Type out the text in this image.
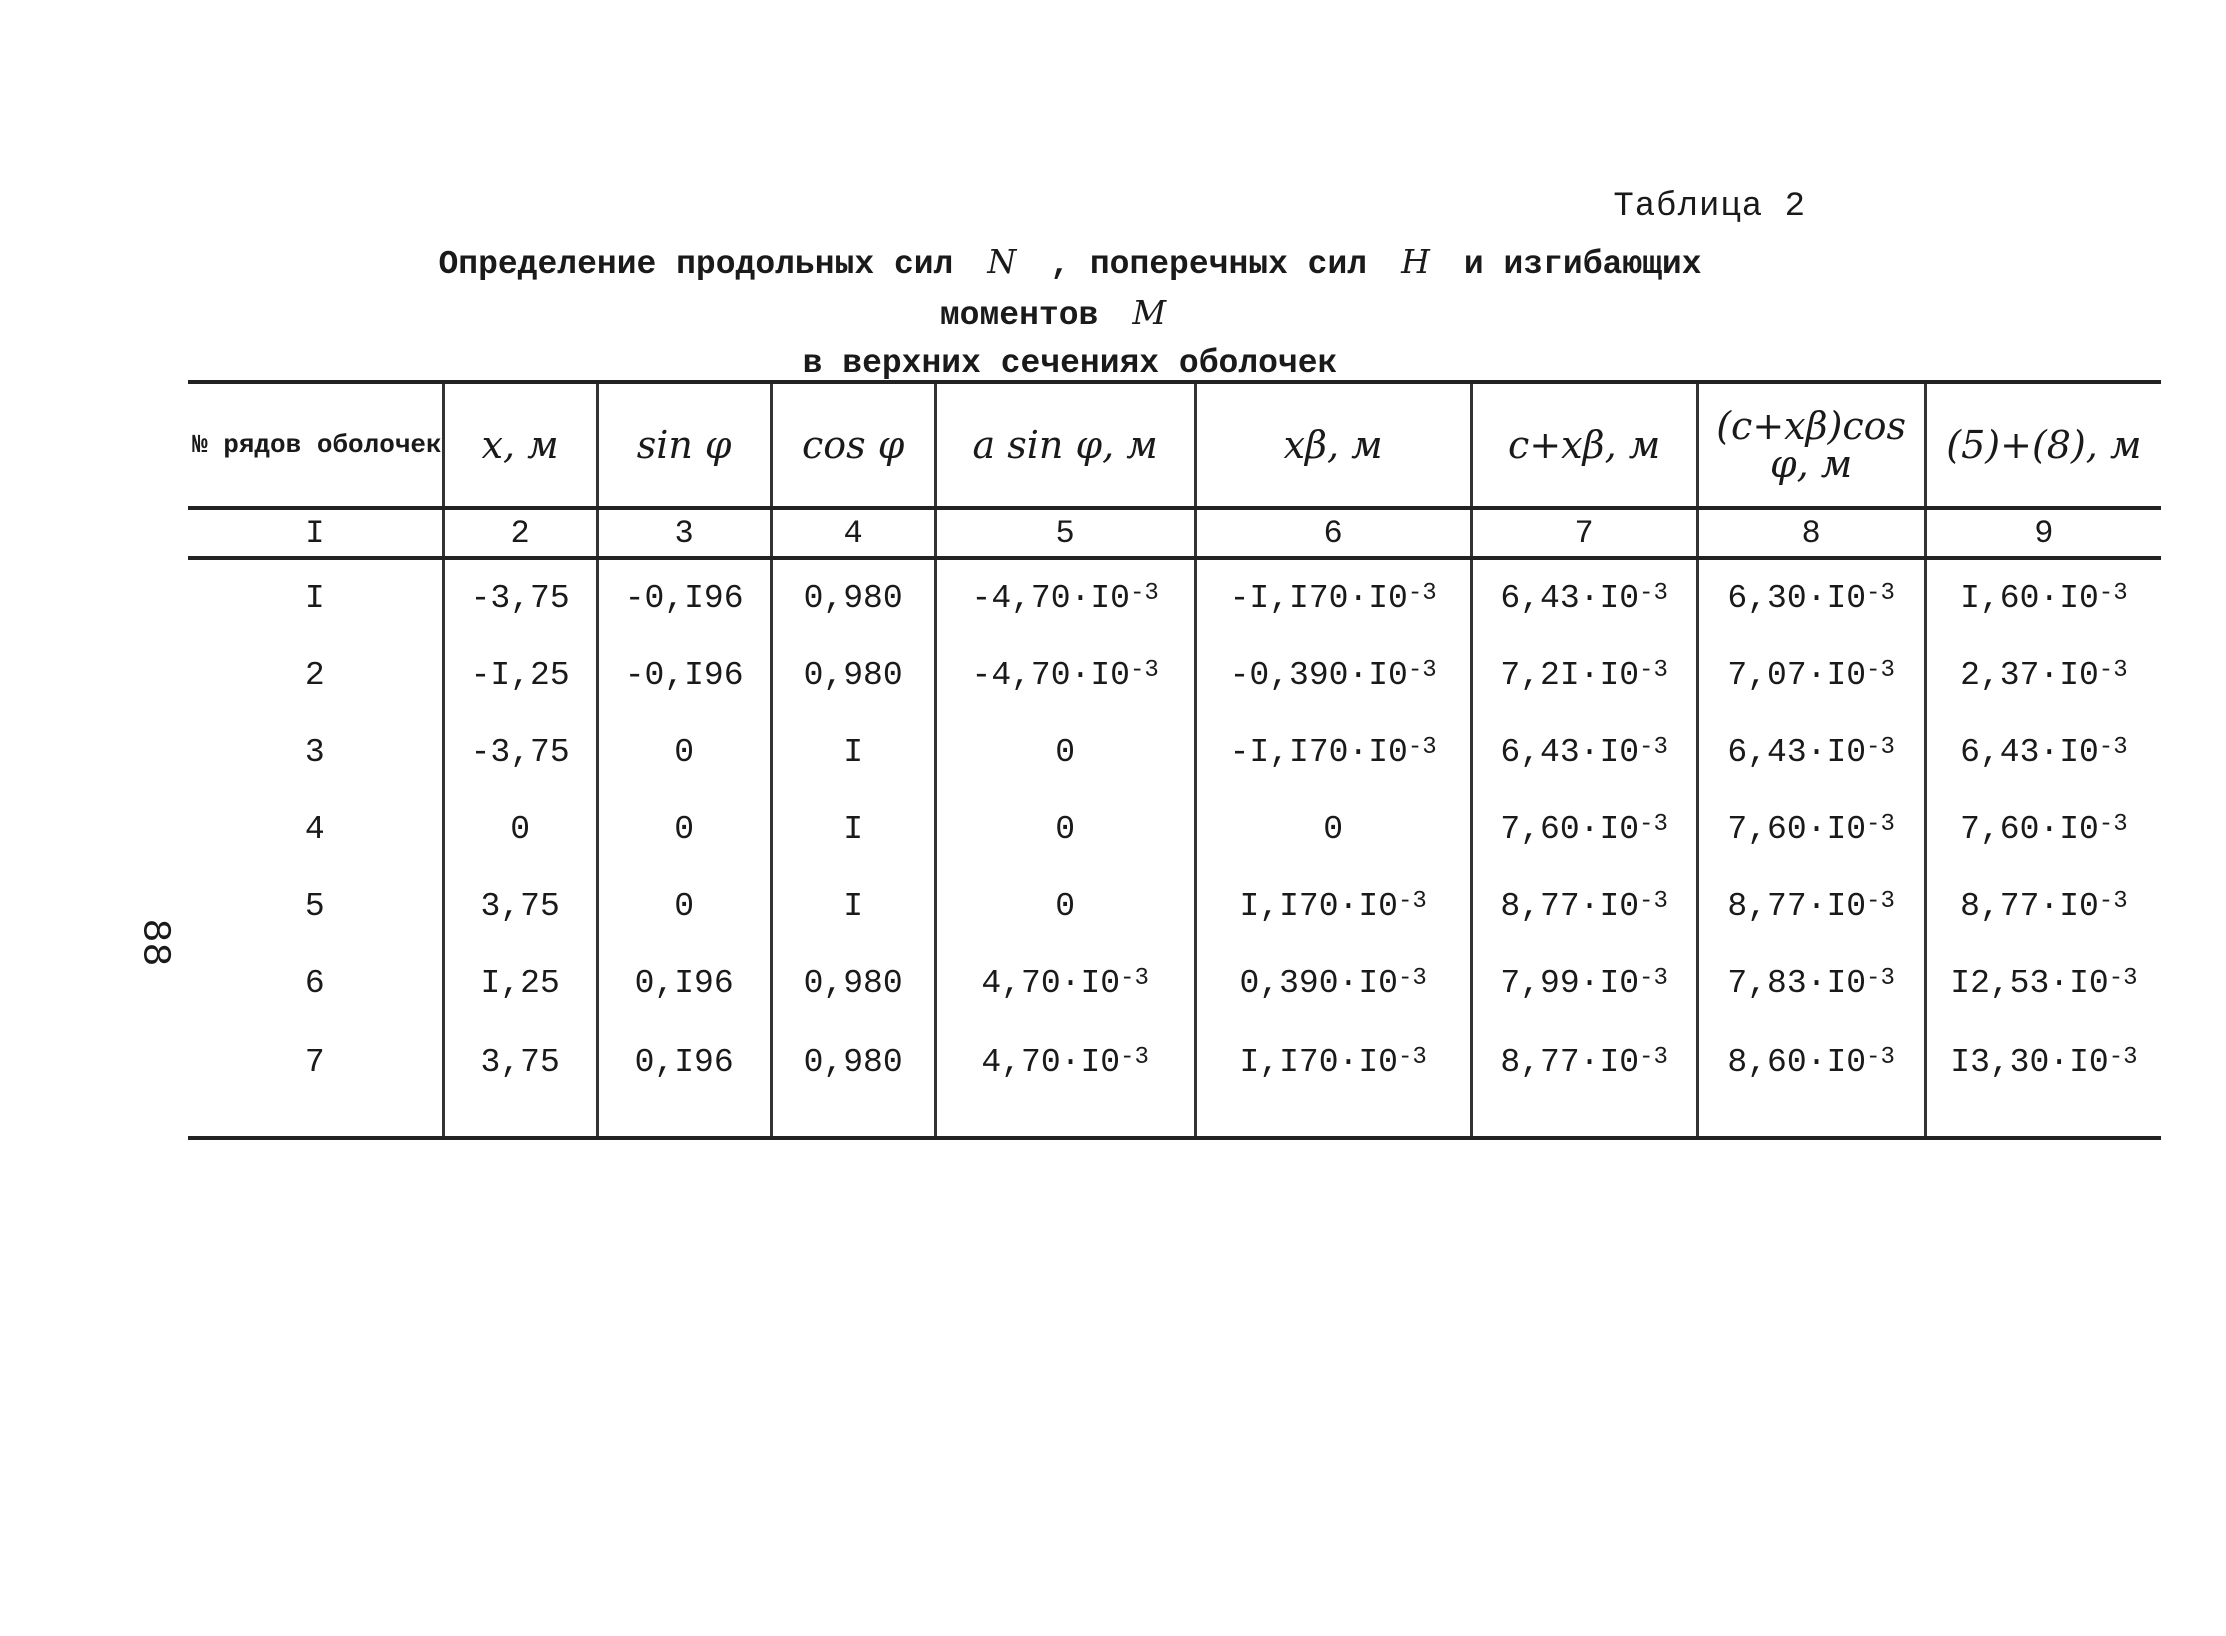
Таблица 2
Определение продольных сил N , поперечных сил H и изгибающих моментов M
в верхних сечениях оболочек
88
№ рядов оболочек	x, м	sin φ	cos φ	a sin φ, м	xβ, м	c+xβ, м	(c+xβ)cos φ, м	(5)+(8), м
I	2	3	4	5	6	7	8	9
I	-3,75	-0,I96	0,980	$-4,70\cdot I0^{-3}$	$-I,I70\cdot I0^{-3}$	$6,43\cdot I0^{-3}$	$6,30\cdot I0^{-3}$	$I,60\cdot I0^{-3}$
2	-I,25	-0,I96	0,980	$-4,70\cdot I0^{-3}$	$-0,390\cdot I0^{-3}$	$7,2I\cdot I0^{-3}$	$7,07\cdot I0^{-3}$	$2,37\cdot I0^{-3}$
3	-3,75	0	I	0	$-I,I70\cdot I0^{-3}$	$6,43\cdot I0^{-3}$	$6,43\cdot I0^{-3}$	$6,43\cdot I0^{-3}$
4	0	0	I	0	0	$7,60\cdot I0^{-3}$	$7,60\cdot I0^{-3}$	$7,60\cdot I0^{-3}$
5	3,75	0	I	0	$I,I70\cdot I0^{-3}$	$8,77\cdot I0^{-3}$	$8,77\cdot I0^{-3}$	$8,77\cdot I0^{-3}$
6	I,25	0,I96	0,980	$4,70\cdot I0^{-3}$	$0,390\cdot I0^{-3}$	$7,99\cdot I0^{-3}$	$7,83\cdot I0^{-3}$	$I2,53\cdot I0^{-3}$
7	3,75	0,I96	0,980	$4,70\cdot I0^{-3}$	$I,I70\cdot I0^{-3}$	$8,77\cdot I0^{-3}$	$8,60\cdot I0^{-3}$	$I3,30\cdot I0^{-3}$
